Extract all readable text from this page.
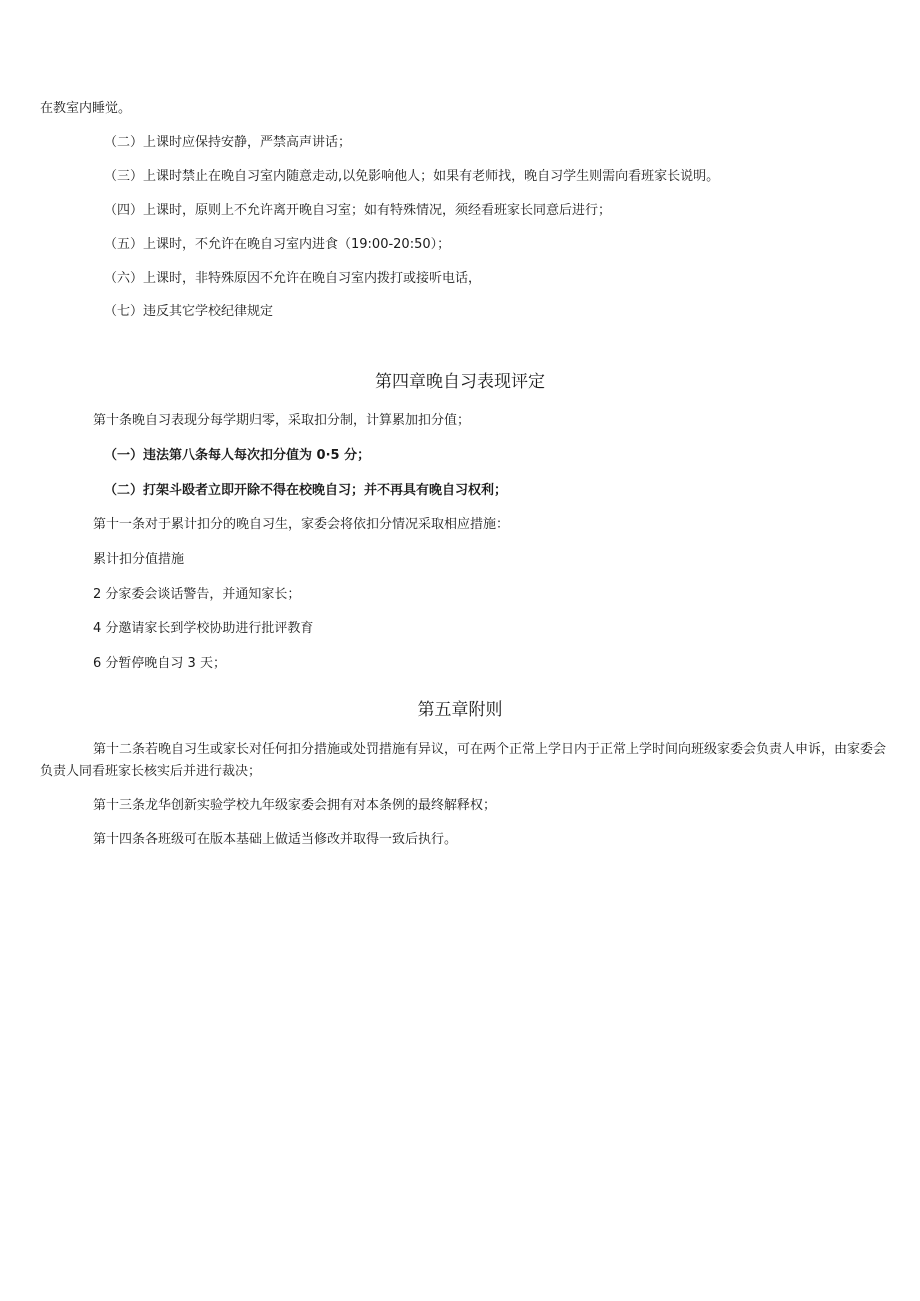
在教室内睡觉。
（二）上课时应保持安静，严禁高声讲话；
（三）上课时禁止在晚自习室内随意走动,以免影响他人；如果有老师找，晚自习学生则需向看班家长说明。
（四）上课时，原则上不允许离开晚自习室；如有特殊情况，须经看班家长同意后进行；
（五）上课时，不允许在晚自习室内进食（19:00-20:50）；
（六）上课时，非特殊原因不允许在晚自习室内拨打或接听电话，
（七）违反其它学校纪律规定
第四章晚自习表现评定
第十条晚自习表现分每学期归零，采取扣分制，计算累加扣分值；
（一）违法第八条每人每次扣分值为 0·5 分；
（二）打架斗殴者立即开除不得在校晚自习；并不再具有晚自习权利；
第十一条对于累计扣分的晚自习生，家委会将依扣分情况采取相应措施：
累计扣分值措施
2 分家委会谈话警告，并通知家长；
4 分邀请家长到学校协助进行批评教育
6 分暂停晚自习 3 天；
第五章附则
第十二条若晚自习生或家长对任何扣分措施或处罚措施有异议，可在两个正常上学日内于正常上学时间向班级家委会负责人申诉，由家委会负责人同看班家长核实后并进行裁决；
第十三条龙华创新实验学校九年级家委会拥有对本条例的最终解释权；
第十四条各班级可在版本基础上做适当修改并取得一致后执行。
